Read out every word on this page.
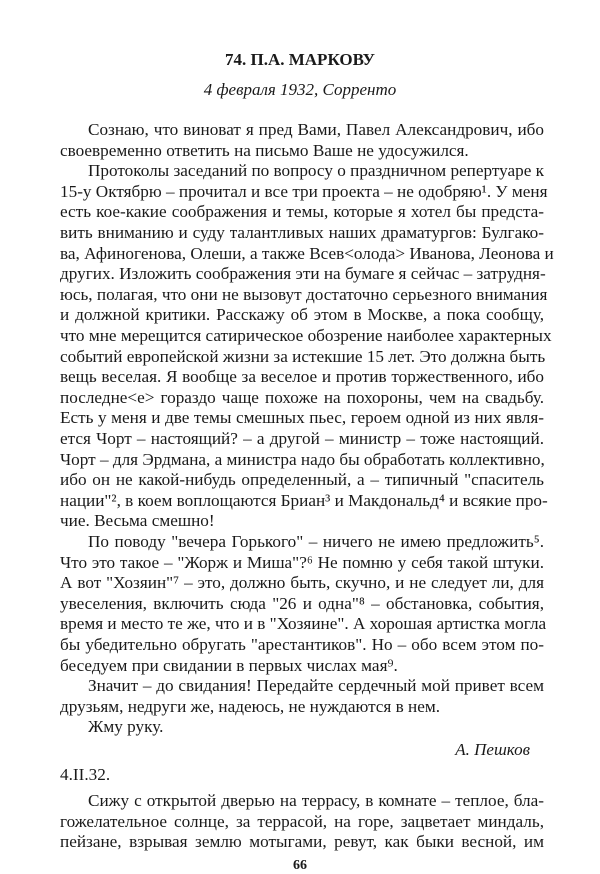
74. П.А. МАРКОВУ
4 февраля 1932, Сорренто
Сознаю, что виноват я пред Вами, Павел Александрович, ибо
своевременно ответить на письмо Ваше не удосужился.
Протоколы заседаний по вопросу о праздничном репертуаре к
15-у Октябрю – прочитал и все три проекта – не одобряю¹. У меня
есть кое-какие соображения и темы, которые я хотел бы предста-
вить вниманию и суду талантливых наших драматургов: Булгако-
ва, Афиногенова, Олеши, а также Всев<олода> Иванова, Леонова и
других. Изложить соображения эти на бумаге я сейчас – затрудня-
юсь, полагая, что они не вызовут достаточно серьезного внимания
и должной критики. Расскажу об этом в Москве, а пока сообщу,
что мне мерещится сатирическое обозрение наиболее характерных
событий европейской жизни за истекшие 15 лет. Это должна быть
вещь веселая. Я вообще за веселое и против торжественного, ибо
последне<е> гораздо чаще похоже на похороны, чем на свадьбу.
Есть у меня и две темы смешных пьес, героем одной из них явля-
ется Чорт – настоящий? – а другой – министр – тоже настоящий.
Чорт – для Эрдмана, а министра надо бы обработать коллективно,
ибо он не какой-нибудь определенный, а – типичный "спаситель
нации"², в коем воплощаются Бриан³ и Макдональд⁴ и всякие про-
чие. Весьма смешно!
По поводу "вечера Горького" – ничего не имею предложить⁵.
Что это такое – "Жорж и Миша"?⁶ Не помню у себя такой штуки.
А вот "Хозяин"⁷ – это, должно быть, скучно, и не следует ли, для
увеселения, включить сюда "26 и одна"⁸ – обстановка, события,
время и место те же, что и в "Хозяине". А хорошая артистка могла
бы убедительно обругать "арестантиков". Но – обо всем этом по-
беседуем при свидании в первых числах мая⁹.
Значит – до свидания! Передайте сердечный мой привет всем
друзьям, недруги же, надеюсь, не нуждаются в нем.
Жму руку.
А. Пешков
66
4.II.32.
Сижу с открытой дверью на террасу, в комнате – теплое, бла-
гожелательное солнце, за террасой, на горе, зацветает миндаль,
пейзане, взрывая землю мотыгами, ревут, как быки весной, им
